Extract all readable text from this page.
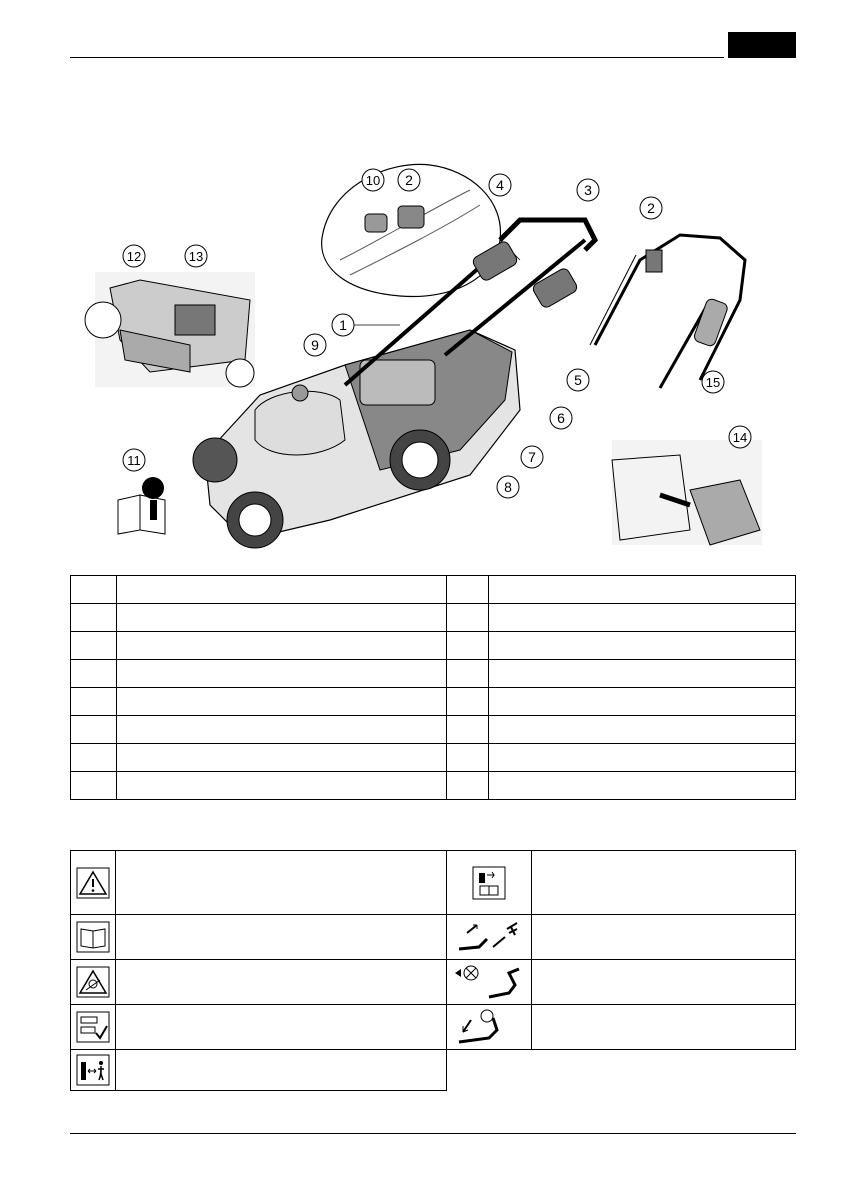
1
2
3
4
5
6
7
8
9
10
11
12	13
14
15
2
